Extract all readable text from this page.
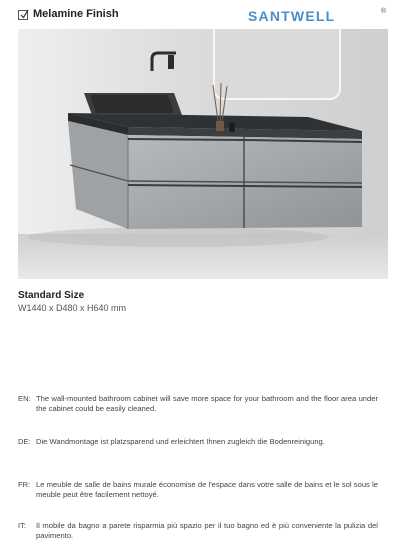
Melamine Finish	SANTWELL	®
Standard Size
W1440 x D480 x H640 mm
EN: The wall-mounted bathroom cabinet will save more space for your bathroom and the floor area under the cabinet could be easily cleaned.
DE: Die Wandmontage ist platzsparend und erleichtert Ihnen zugleich die Bodenreinigung.
FR: Le meuble de salle de bains murale économise de l'espace dans votre salle de bains et le sol sous le meuble peut être facilement nettoyé.
IT: Il mobile da bagno a parete risparmia più spazio per il tuo bagno ed è più conveniente la pulizia del pavimento.
